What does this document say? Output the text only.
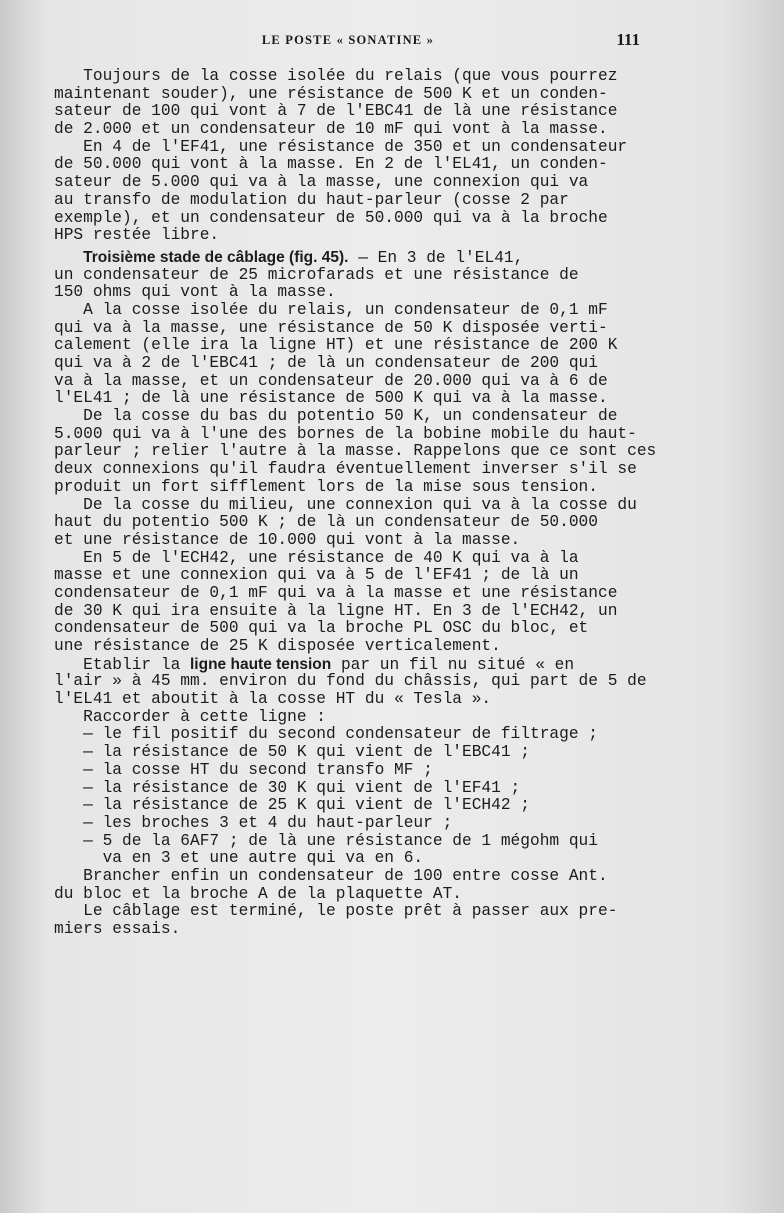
LE POSTE « SONATINE »	111
Toujours de la cosse isolée du relais (que vous pourrez
maintenant souder), une résistance de 500 K et un conden-
sateur de 100 qui vont à 7 de l'EBC41 de là une résistance
de 2.000 et un condensateur de 10 mF qui vont à la masse.
En 4 de l'EF41, une résistance de 350 et un condensateur
de 50.000 qui vont à la masse. En 2 de l'EL41, un conden-
sateur de 5.000 qui va à la masse, une connexion qui va
au transfo de modulation du haut-parleur (cosse 2 par
exemple), et un condensateur de 50.000 qui va à la broche
HPS restée libre.
Troisième stade de câblage (fig. 45). — En 3 de l'EL41,
un condensateur de 25 microfarads et une résistance de
150 ohms qui vont à la masse.
A la cosse isolée du relais, un condensateur de 0,1 mF
qui va à la masse, une résistance de 50 K disposée verti-
calement (elle ira la ligne HT) et une résistance de 200 K
qui va à 2 de l'EBC41 ; de là un condensateur de 200 qui
va à la masse, et un condensateur de 20.000 qui va à 6 de
l'EL41 ; de là une résistance de 500 K qui va à la masse.
De la cosse du bas du potentio 50 K, un condensateur de
5.000 qui va à l'une des bornes de la bobine mobile du haut-
parleur ; relier l'autre à la masse. Rappelons que ce sont ces
deux connexions qu'il faudra éventuellement inverser s'il se
produit un fort sifflement lors de la mise sous tension.
De la cosse du milieu, une connexion qui va à la cosse du
haut du potentio 500 K ; de là un condensateur de 50.000
et une résistance de 10.000 qui vont à la masse.
En 5 de l'ECH42, une résistance de 40 K qui va à la
masse et une connexion qui va à 5 de l'EF41 ; de là un
condensateur de 0,1 mF qui va à la masse et une résistance
de 30 K qui ira ensuite à la ligne HT. En 3 de l'ECH42, un
condensateur de 500 qui va la broche PL OSC du bloc, et
une résistance de 25 K disposée verticalement.
Etablir la ligne haute tension par un fil nu situé « en
l'air » à 45 mm. environ du fond du châssis, qui part de 5 de
l'EL41 et aboutit à la cosse HT du « Tesla ».
Raccorder à cette ligne :
— le fil positif du second condensateur de filtrage ;
— la résistance de 50 K qui vient de l'EBC41 ;
— la cosse HT du second transfo MF ;
— la résistance de 30 K qui vient de l'EF41 ;
— la résistance de 25 K qui vient de l'ECH42 ;
— les broches 3 et 4 du haut-parleur ;
— 5 de la 6AF7 ; de là une résistance de 1 mégohm qui
va en 3 et une autre qui va en 6.
Brancher enfin un condensateur de 100 entre cosse Ant.
du bloc et la broche A de la plaquette AT.
Le câblage est terminé, le poste prêt à passer aux pre-
miers essais.
